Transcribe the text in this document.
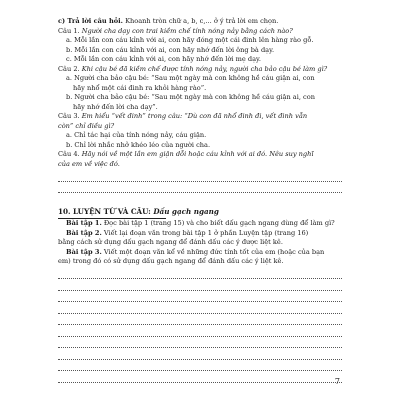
c) Trả lời câu hỏi. Khoanh tròn chữ a, b, c,... ở ý trả lời em chọn.
Câu 1. Người cha dạy con trai kiềm chế tính nóng nảy bằng cách nào?
a. Mỗi lần con cáu kỉnh với ai, con hãy đóng một cái đinh lên hàng rào gỗ.
b. Mỗi lần con cáu kỉnh với ai, con hãy nhớ đến lời ông bà dạy.
c. Mỗi lần con cáu kỉnh với ai, con hãy nhớ đến lời mẹ dạy.
Câu 2. Khi cậu bé đã kiềm chế được tính nóng nảy, người cha bảo cậu bé làm gì?
a. Người cha bảo cậu bé: “Sau một ngày mà con không hề cáu giận ai, con
hãy nhổ một cái đinh ra khỏi hàng rào”.
b. Người cha bảo cậu bé: “Sau một ngày mà con không hề cáu giận ai, con
hãy nhớ đến lời cha dạy”.
Câu 3. Em hiểu “vết đinh” trong câu: “Dù con đã nhổ đinh đi, vết đinh vẫn
còn” chỉ điều gì?
a. Chỉ tác hại của tính nóng nảy, cáu giận.
b. Chỉ lời nhắc nhở khéo léo của người cha.
Câu 4. Hãy nói về một lần em giận dỗi hoặc cáu kỉnh với ai đó. Nêu suy nghĩ
của em về việc đó.
10. LUYỆN TỪ VÀ CÂU: Dấu gạch ngang
Bài tập 1. Đọc bài tập 1 (trang 15) và cho biết dấu gạch ngang dùng để làm gì?
Bài tập 2. Viết lại đoạn văn trong bài tập 1 ở phần Luyện tập (trang 16)
bằng cách sử dụng dấu gạch ngang để đánh dấu các ý được liệt kê.
Bài tập 3. Viết một đoạn văn kể về những đức tính tốt của em (hoặc của bạn
em) trong đó có sử dụng dấu gạch ngang để đánh dấu các ý liệt kê.
7
